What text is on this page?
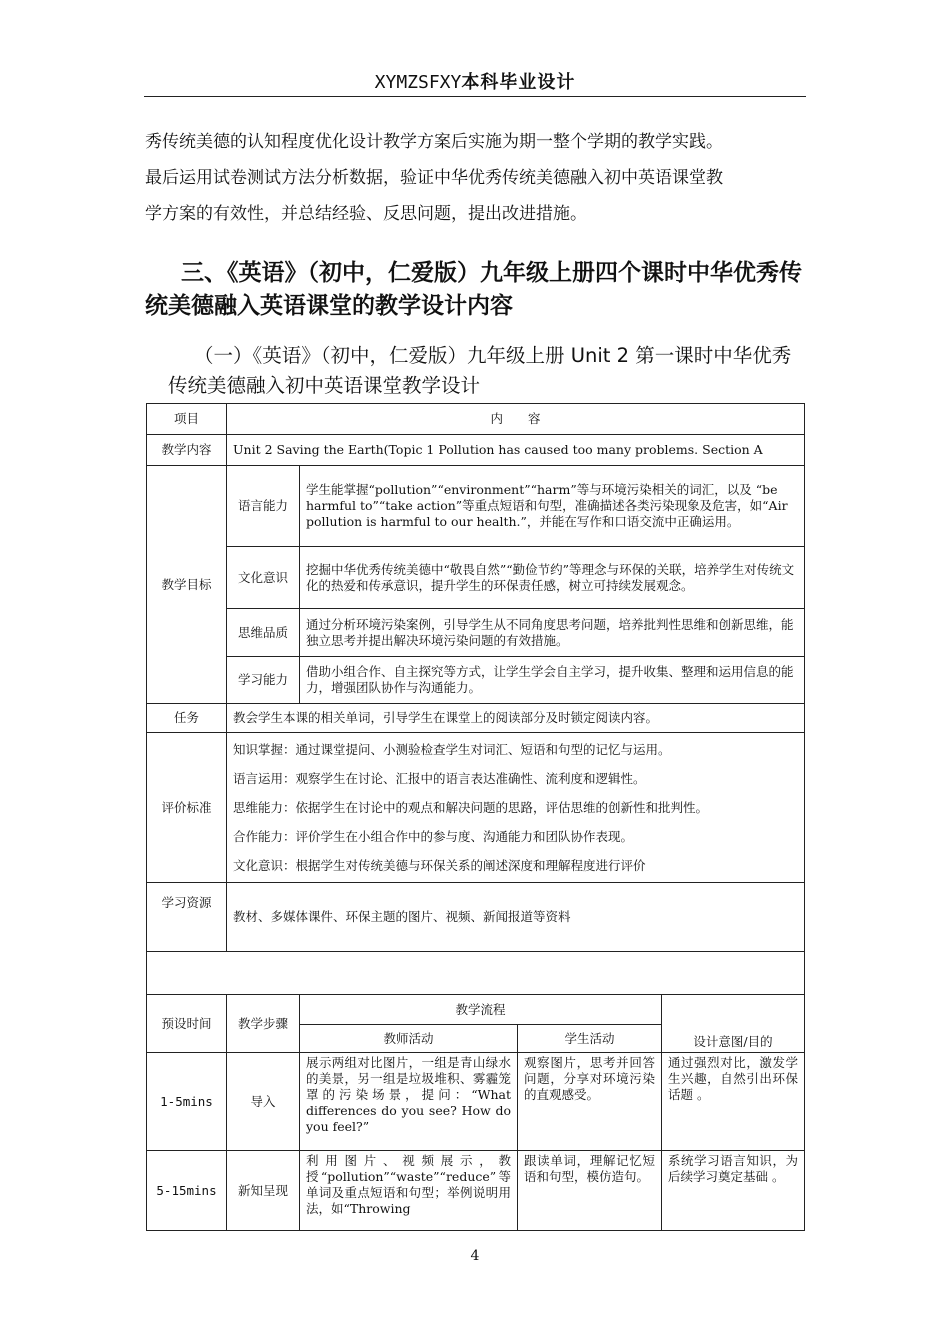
XYMZSFXY本科毕业设计
秀传统美德的认知程度优化设计教学方案后实施为期一整个学期的教学实践。
最后运用试卷测试方法分析数据，验证中华优秀传统美德融入初中英语课堂教
学方案的有效性，并总结经验、反思问题，提出改进措施。
三、《英语》（初中，仁爱版）九年级上册四个课时中华优秀传统美德融入英语课堂的教学设计内容
（一）《英语》（初中，仁爱版）九年级上册 Unit 2 第一课时中华优秀传统美德融入初中英语课堂教学设计
项目	内　　容			
教学内容	Unit 2 Saving the Earth(Topic 1 Pollution has caused too many problems. Section A			
教学目标	语言能力	学生能掌握“pollution”“environment”“harm”等与环境污染相关的词汇，以及 “be harmful to”“take action”等重点短语和句型，准确描述各类污染现象及危害，如“Air pollution is harmful to our health.”，并能在写作和口语交流中正确运用。		
	文化意识	挖掘中华优秀传统美德中“敬畏自然”“勤俭节约”等理念与环保的关联，培养学生对传统文化的热爱和传承意识，提升学生的环保责任感，树立可持续发展观念。		
	思维品质	通过分析环境污染案例，引导学生从不同角度思考问题，培养批判性思维和创新思维，能独立思考并提出解决环境污染问题的有效措施。		
	学习能力	借助小组合作、自主探究等方式，让学生学会自主学习，提升收集、整理和运用信息的能力，增强团队协作与沟通能力。		
任务	教会学生本课的相关单词，引导学生在课堂上的阅读部分及时锁定阅读内容。			
评价标准	知识掌握：通过课堂提问、小测验检查学生对词汇、短语和句型的记忆与运用。
语言运用：观察学生在讨论、汇报中的语言表达准确性、流利度和逻辑性。
思维能力：依据学生在讨论中的观点和解决问题的思路，评估思维的创新性和批判性。
合作能力：评价学生在小组合作中的参与度、沟通能力和团队协作表现。
文化意识：根据学生对传统美德与环保关系的阐述深度和理解程度进行评价			

学习资源	教材、多媒体课件、环保主题的图片、视频、新闻报道等资料			

预设时间	教学步骤	教学流程		设计意图/目的
		教师活动	学生活动	
1-5mins	导入	展示两组对比图片，一组是青山绿水的美景，另一组是垃圾堆积、雾霾笼罩的污染场景，提问：“What differences do you see? How do you feel?”	观察图片，思考并回答问题，分享对环境污染的直观感受。	通过强烈对比，激发学生兴趣，自然引出环保话题 。
5-15mins	新知呈现	利用图片、视频展示，教授“pollution”“waste”“reduce”等单词及重点短语和句型；举例说明用法，如“Throwing	跟读单词，理解记忆短语和句型，模仿造句。	系统学习语言知识，为后续学习奠定基础 。
4
